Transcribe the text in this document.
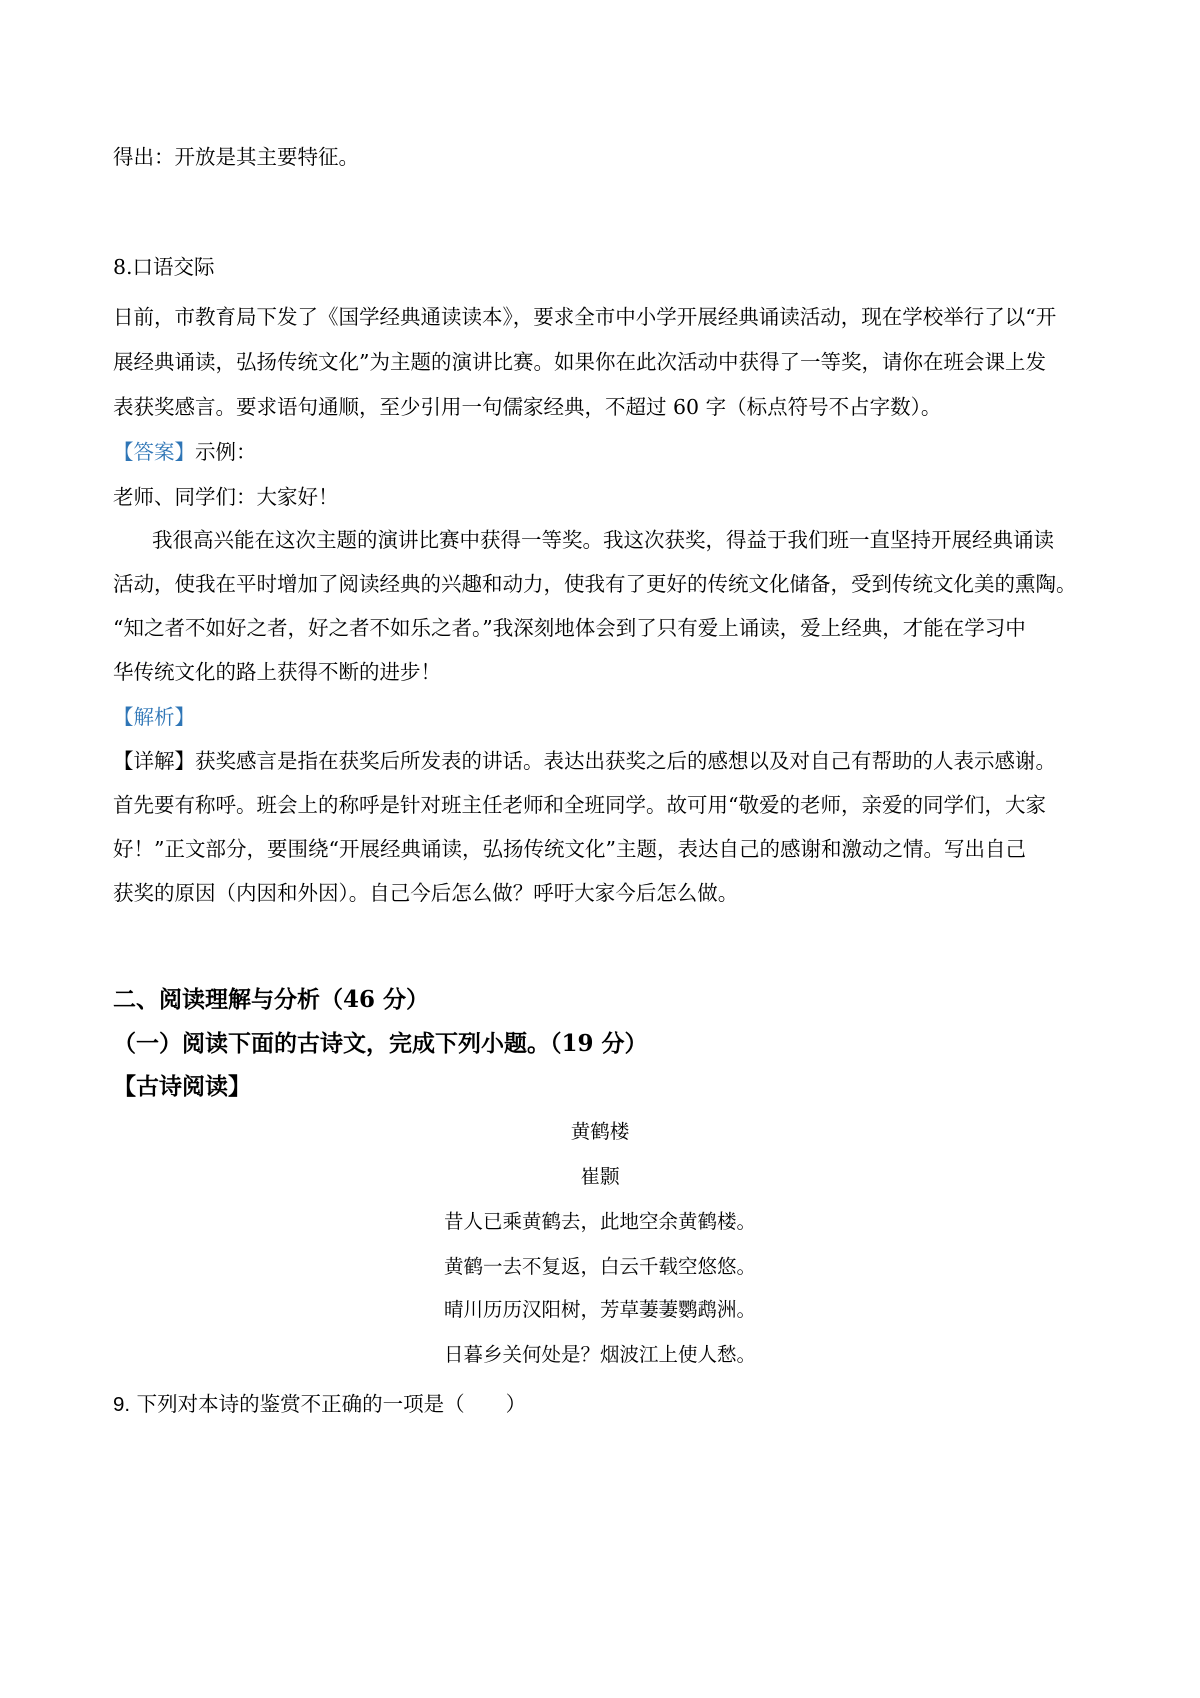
得出：开放是其主要特征。
8.口语交际
日前，市教育局下发了《国学经典通读读本》，要求全市中小学开展经典诵读活动，现在学校举行了以“开
展经典诵读，弘扬传统文化”为主题的演讲比赛。如果你在此次活动中获得了一等奖，请你在班会课上发
表获奖感言。要求语句通顺，至少引用一句儒家经典，不超过 60 字（标点符号不占字数）。
【答案】示例：
老师、同学们：大家好！
我很高兴能在这次主题的演讲比赛中获得一等奖。我这次获奖，得益于我们班一直坚持开展经典诵读
活动，使我在平时增加了阅读经典的兴趣和动力，使我有了更好的传统文化储备，受到传统文化美的熏陶。
“知之者不如好之者，好之者不如乐之者。”我深刻地体会到了只有爱上诵读，爱上经典，才能在学习中
华传统文化的路上获得不断的进步！
【解析】
【详解】获奖感言是指在获奖后所发表的讲话。表达出获奖之后的感想以及对自己有帮助的人表示感谢。
首先要有称呼。班会上的称呼是针对班主任老师和全班同学。故可用“敬爱的老师，亲爱的同学们，大家
好！”正文部分，要围绕“开展经典诵读，弘扬传统文化”主题，表达自己的感谢和激动之情。写出自己
获奖的原因（内因和外因）。自己今后怎么做？呼吁大家今后怎么做。
二、阅读理解与分析（46 分）
（一）阅读下面的古诗文，完成下列小题。（19 分）
【古诗阅读】
黄鹤楼
崔颢
昔人已乘黄鹤去，此地空余黄鹤楼。
黄鹤一去不复返，白云千载空悠悠。
晴川历历汉阳树，芳草萋萋鹦鹉洲。
日暮乡关何处是？烟波江上使人愁。
9. 下列对本诗的鉴赏不正确的一项是（　　）
